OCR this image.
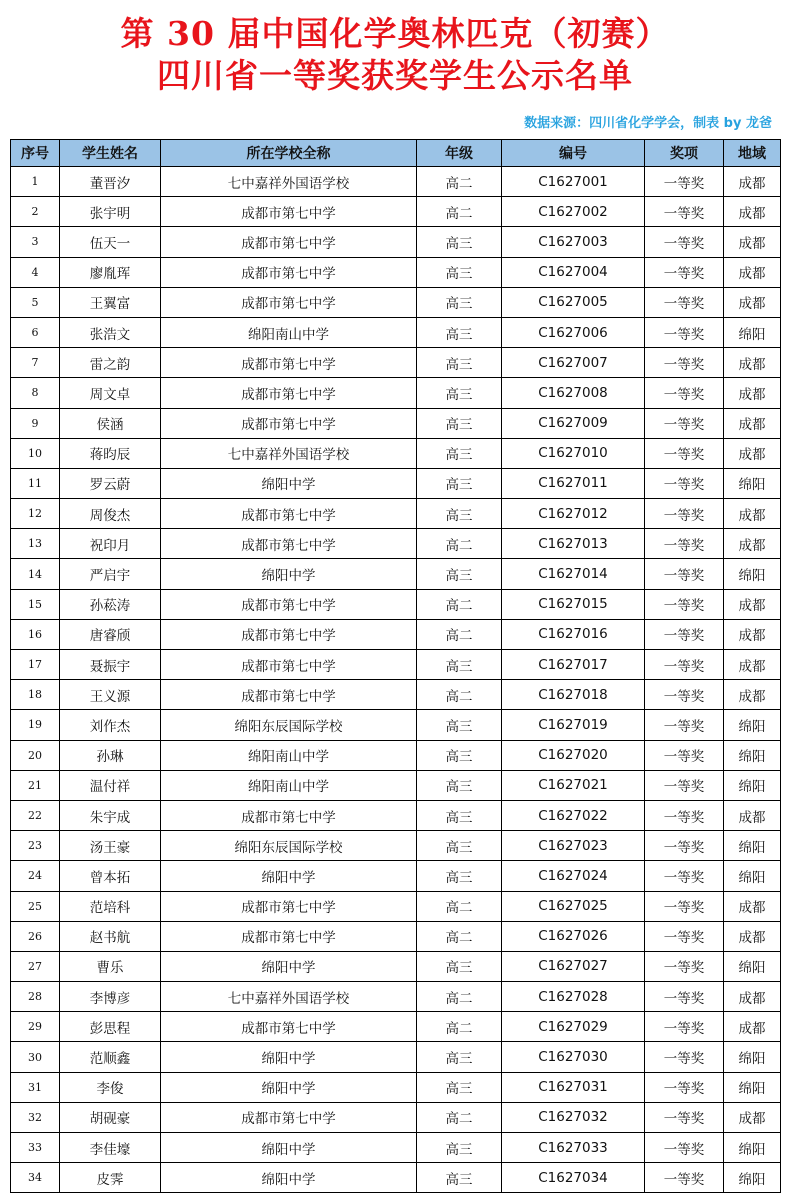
第 30 届中国化学奥林匹克（初赛）
四川省一等奖获奖学生公示名单
数据来源：四川省化学学会，制表 by 龙爸
序号	学生姓名	所在学校全称	年级	编号	奖项	地域
1	董晋汐	七中嘉祥外国语学校	高二	C1627001	一等奖	成都
2	张宇明	成都市第七中学	高二	C1627002	一等奖	成都
3	伍天一	成都市第七中学	高三	C1627003	一等奖	成都
4	廖胤珲	成都市第七中学	高三	C1627004	一等奖	成都
5	王翼富	成都市第七中学	高三	C1627005	一等奖	成都
6	张浩文	绵阳南山中学	高三	C1627006	一等奖	绵阳
7	雷之韵	成都市第七中学	高三	C1627007	一等奖	成都
8	周文卓	成都市第七中学	高三	C1627008	一等奖	成都
9	侯涵	成都市第七中学	高三	C1627009	一等奖	成都
10	蒋昀辰	七中嘉祥外国语学校	高三	C1627010	一等奖	成都
11	罗云蔚	绵阳中学	高三	C1627011	一等奖	绵阳
12	周俊杰	成都市第七中学	高三	C1627012	一等奖	成都
13	祝印月	成都市第七中学	高二	C1627013	一等奖	成都
14	严启宇	绵阳中学	高三	C1627014	一等奖	绵阳
15	孙菘涛	成都市第七中学	高二	C1627015	一等奖	成都
16	唐睿颀	成都市第七中学	高二	C1627016	一等奖	成都
17	聂振宇	成都市第七中学	高三	C1627017	一等奖	成都
18	王义源	成都市第七中学	高二	C1627018	一等奖	成都
19	刘作杰	绵阳东辰国际学校	高三	C1627019	一等奖	绵阳
20	孙琳	绵阳南山中学	高三	C1627020	一等奖	绵阳
21	温付祥	绵阳南山中学	高三	C1627021	一等奖	绵阳
22	朱宇成	成都市第七中学	高三	C1627022	一等奖	成都
23	汤王豪	绵阳东辰国际学校	高三	C1627023	一等奖	绵阳
24	曾本拓	绵阳中学	高三	C1627024	一等奖	绵阳
25	范培科	成都市第七中学	高二	C1627025	一等奖	成都
26	赵书航	成都市第七中学	高二	C1627026	一等奖	成都
27	曹乐	绵阳中学	高三	C1627027	一等奖	绵阳
28	李博彦	七中嘉祥外国语学校	高二	C1627028	一等奖	成都
29	彭思程	成都市第七中学	高二	C1627029	一等奖	成都
30	范顺鑫	绵阳中学	高三	C1627030	一等奖	绵阳
31	李俊	绵阳中学	高三	C1627031	一等奖	绵阳
32	胡砚豪	成都市第七中学	高二	C1627032	一等奖	成都
33	李佳壕	绵阳中学	高三	C1627033	一等奖	绵阳
34	皮霁	绵阳中学	高三	C1627034	一等奖	绵阳
